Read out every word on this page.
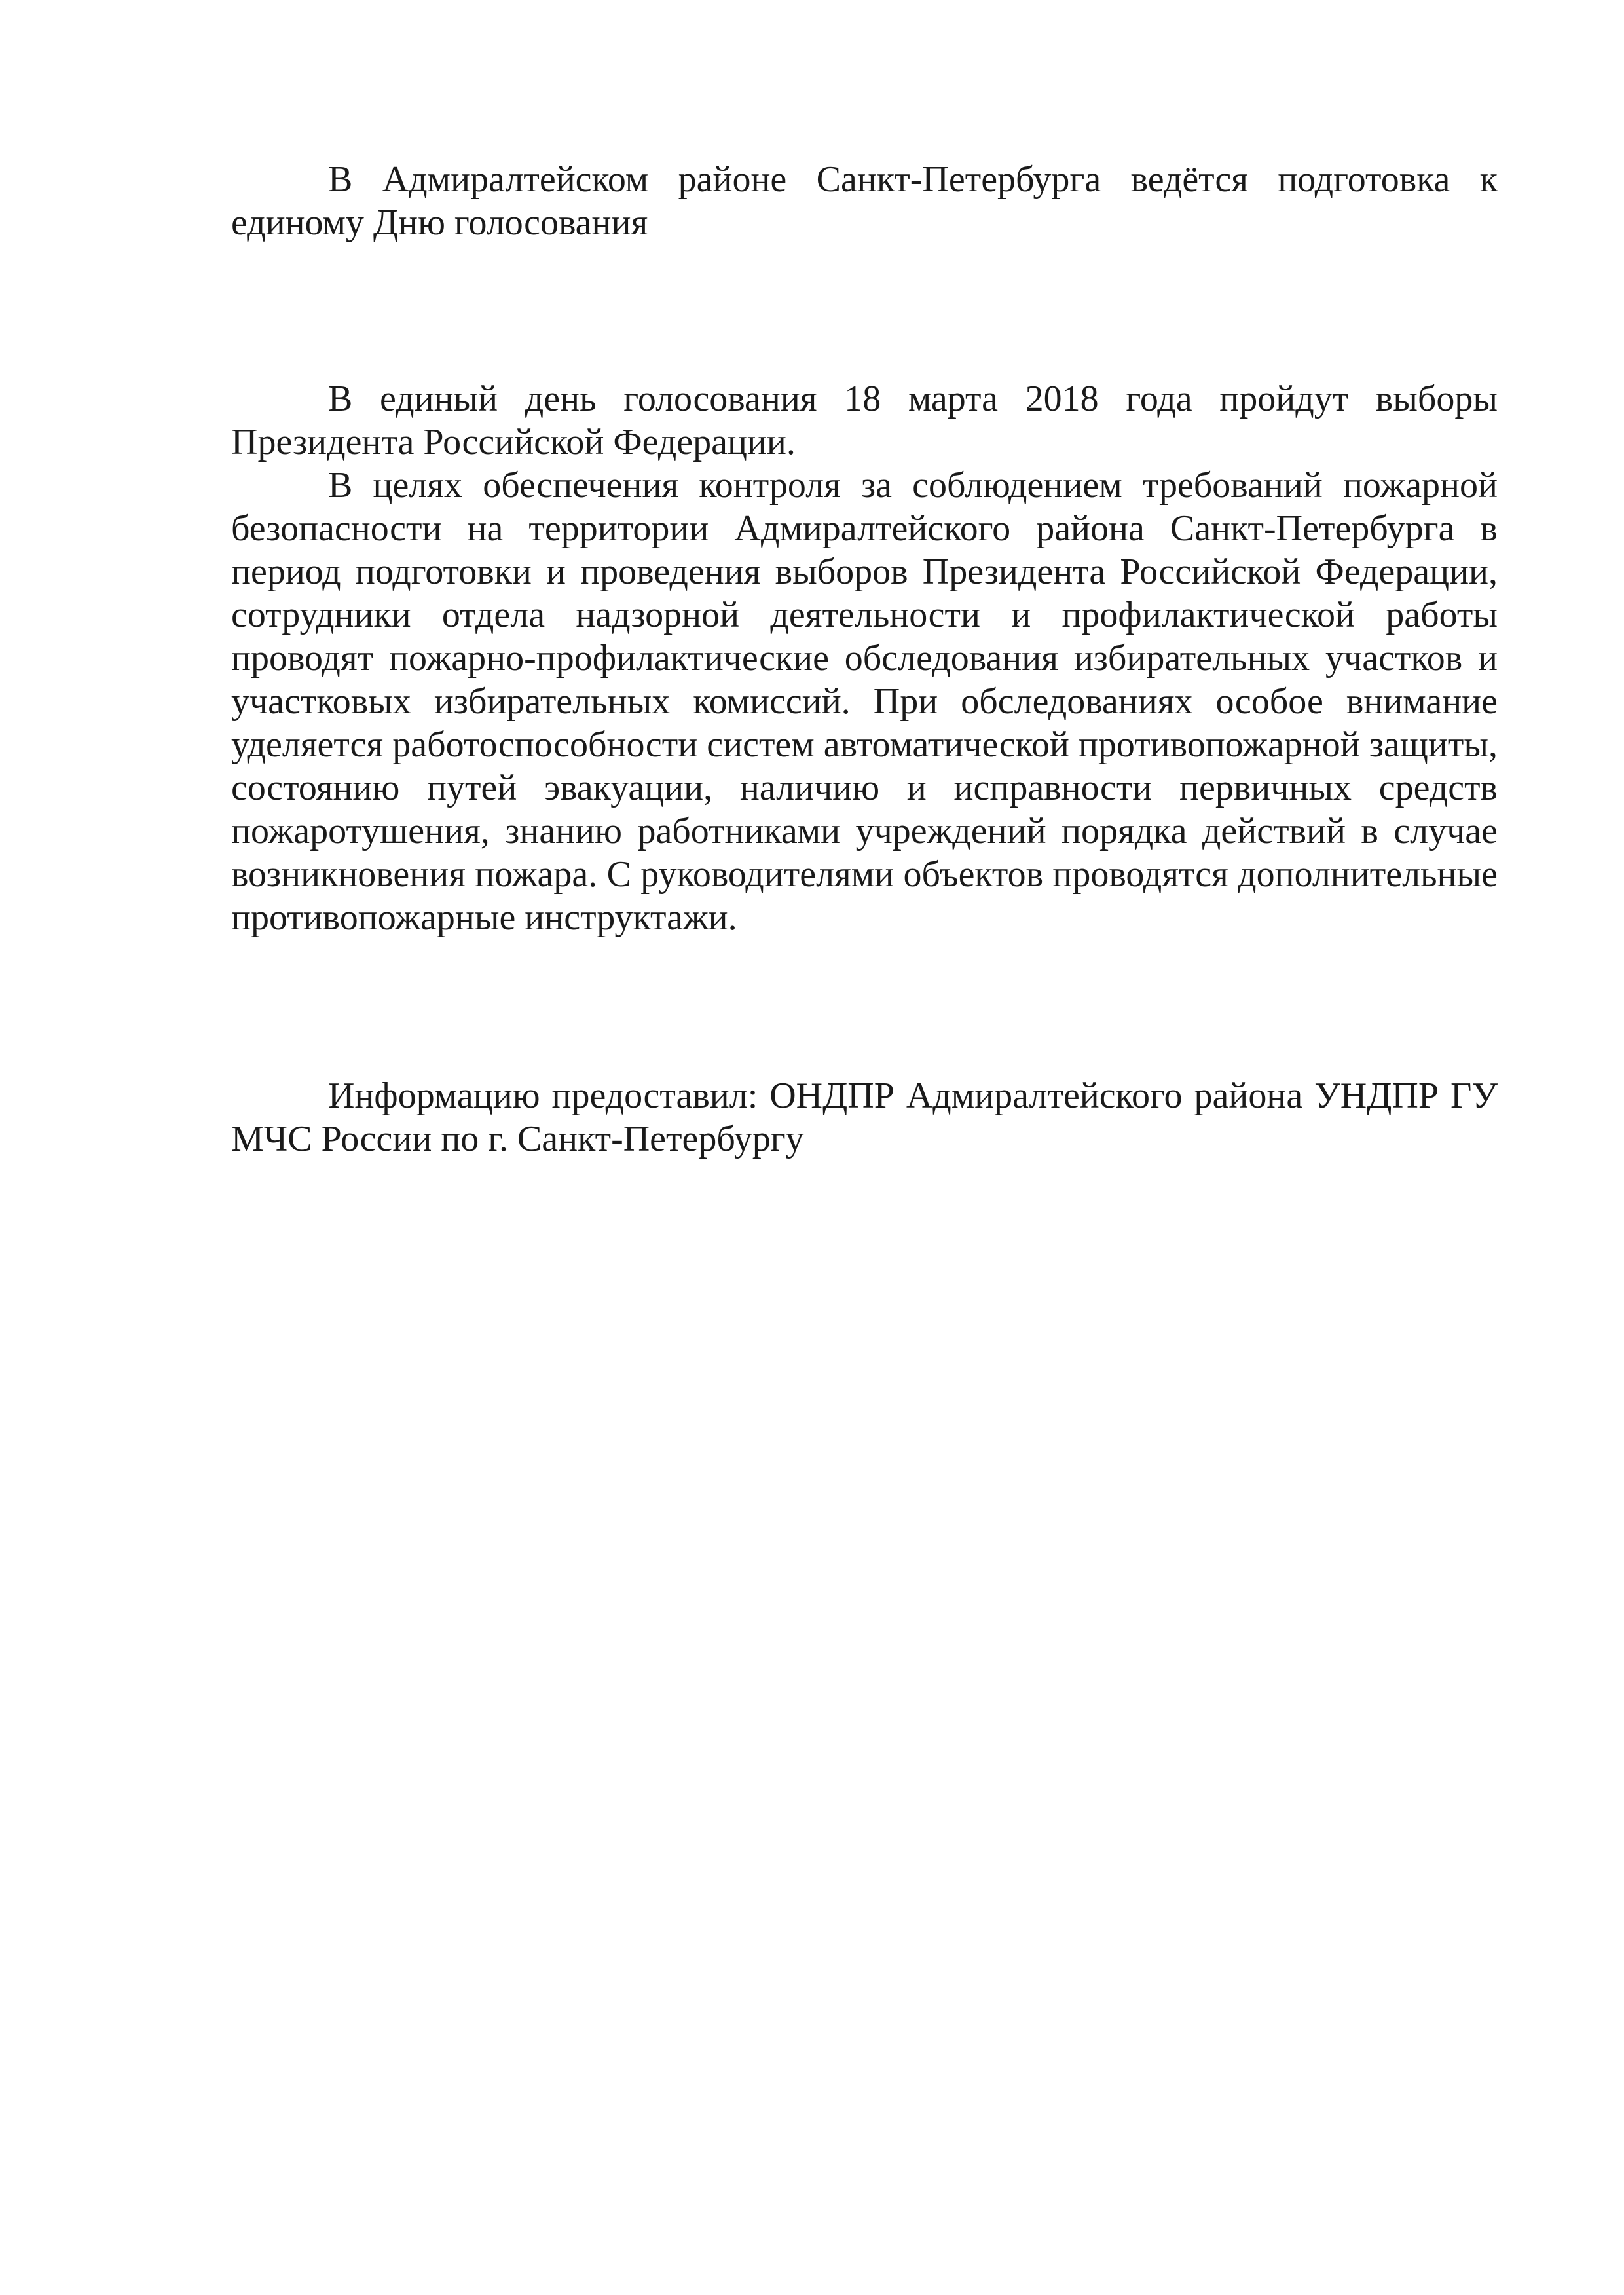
В Адмиралтейском районе Санкт-Петербурга ведётся подготовка к единому Дню голосования

В единый день голосования 18 марта 2018 года пройдут выборы Президента Российской Федерации.

В целях обеспечения контроля за соблюдением требований пожарной безопасности на территории Адмиралтейского района Санкт-Петербурга в период подготовки и проведения выборов Президента Российской Федерации, сотрудники отдела надзорной деятельности и профилактической работы проводят пожарно-профилактические обследования избирательных участков и участковых избирательных комиссий. При обследованиях особое внимание уделяется работоспособности систем автоматической противопожарной защиты, состоянию путей эвакуации, наличию и исправности первичных средств пожаротушения, знанию работниками учреждений порядка действий в случае возникновения пожара. С руководителями объектов проводятся дополнительные противопожарные инструктажи.

Информацию предоставил: ОНДПР Адмиралтейского района УНДПР ГУ МЧС России по г. Санкт-Петербургу
